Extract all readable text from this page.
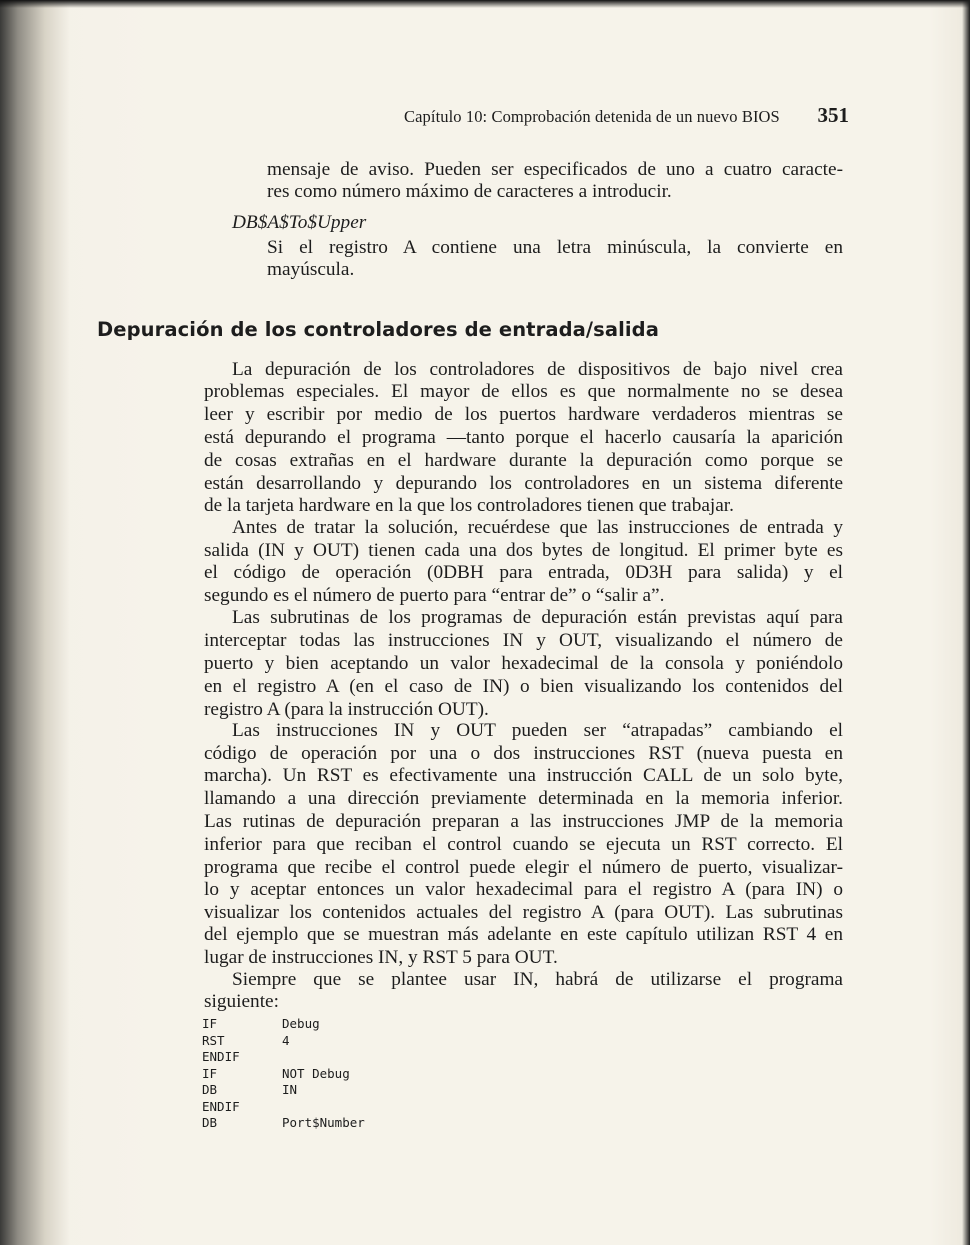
Capítulo 10: Comprobación detenida de un nuevo BIOS 351
mensaje de aviso. Pueden ser especificados de uno a cuatro caracte-
res como número máximo de caracteres a introducir.
DB$A$To$Upper
Si el registro A contiene una letra minúscula, la convierte en
mayúscula.
Depuración de los controladores de entrada/salida
La depuración de los controladores de dispositivos de bajo nivel crea
problemas especiales. El mayor de ellos es que normalmente no se desea
leer y escribir por medio de los puertos hardware verdaderos mientras se
está depurando el programa —tanto porque el hacerlo causaría la aparición
de cosas extrañas en el hardware durante la depuración como porque se
están desarrollando y depurando los controladores en un sistema diferente
de la tarjeta hardware en la que los controladores tienen que trabajar.
Antes de tratar la solución, recuérdese que las instrucciones de entrada y
salida (IN y OUT) tienen cada una dos bytes de longitud. El primer byte es
el código de operación (0DBH para entrada, 0D3H para salida) y el
segundo es el número de puerto para “entrar de” o “salir a”.
Las subrutinas de los programas de depuración están previstas aquí para
interceptar todas las instrucciones IN y OUT, visualizando el número de
puerto y bien aceptando un valor hexadecimal de la consola y poniéndolo
en el registro A (en el caso de IN) o bien visualizando los contenidos del
registro A (para la instrucción OUT).
Las instrucciones IN y OUT pueden ser “atrapadas” cambiando el
código de operación por una o dos instrucciones RST (nueva puesta en
marcha). Un RST es efectivamente una instrucción CALL de un solo byte,
llamando a una dirección previamente determinada en la memoria inferior.
Las rutinas de depuración preparan a las instrucciones JMP de la memoria
inferior para que reciban el control cuando se ejecuta un RST correcto. El
programa que recibe el control puede elegir el número de puerto, visualizar-
lo y aceptar entonces un valor hexadecimal para el registro A (para IN) o
visualizar los contenidos actuales del registro A (para OUT). Las subrutinas
del ejemplo que se muestran más adelante en este capítulo utilizan RST 4 en
lugar de instrucciones IN, y RST 5 para OUT.
Siempre que se plantee usar IN, habrá de utilizarse el programa
siguiente:
IF	Debug
RST	4
ENDIF
IF	NOT Debug
DB	IN
ENDIF
DB	Port$Number
